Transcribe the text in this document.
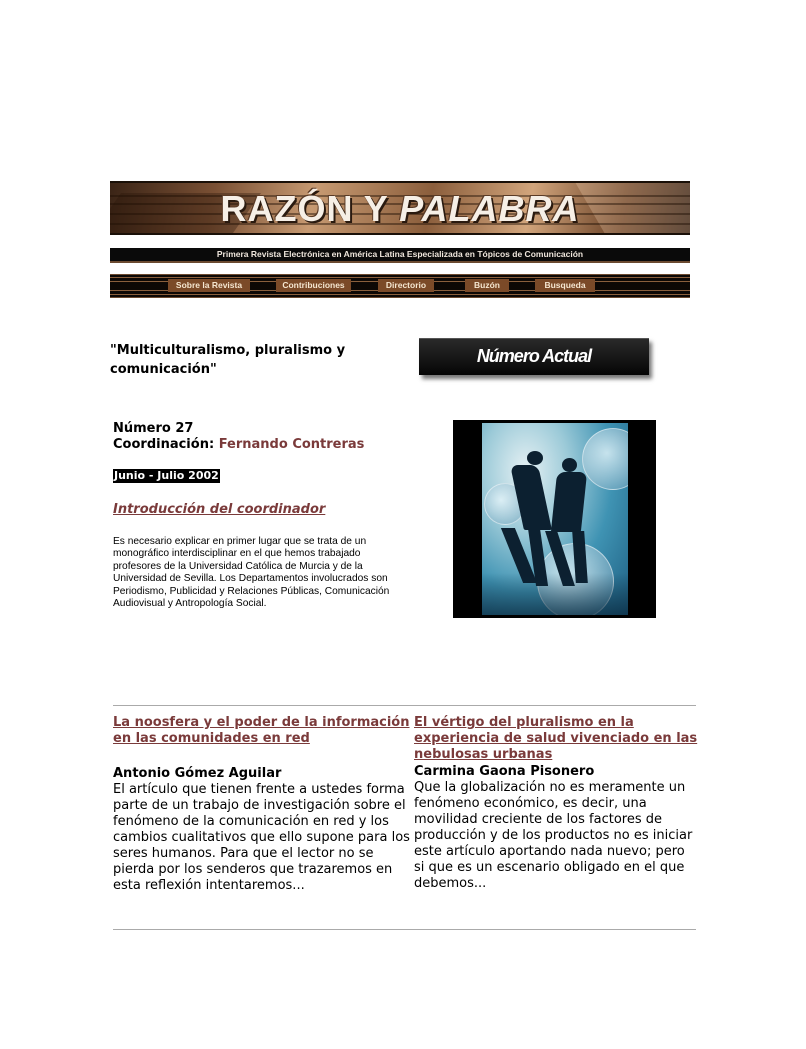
RAZÓN Y PALABRA
Primera Revista Electrónica en América Latina Especializada en Tópicos de Comunicación
Sobre la Revista	Contribuciones	Directorio	Buzón	Busqueda
"Multiculturalismo, pluralismo y comunicación"
Número Actual
Número 27
Coordinación: Fernando Contreras
Junio - Julio 2002
Introducción del coordinador
Es necesario explicar en primer lugar que se trata de un monográfico interdisciplinar en el que hemos trabajado profesores de la Universidad Católica de Murcia y de la Universidad de Sevilla. Los Departamentos involucrados son Periodismo, Publicidad y Relaciones Públicas, Comunicación Audiovisual y Antropología Social.
La noosfera y el poder de la información en las comunidades en red
Antonio Gómez Aguilar
El artículo que tienen frente a ustedes forma parte de un trabajo de investigación sobre el fenómeno de la comunicación en red y los cambios cualitativos que ello supone para los seres humanos. Para que el lector no se pierda por los senderos que trazaremos en esta reflexión intentaremos...
El vértigo del pluralismo en la experiencia de salud vivenciado en las nebulosas urbanas
Carmina Gaona Pisonero
Que la globalización no es meramente un fenómeno económico, es decir, una movilidad creciente de los factores de producción y de los productos no es iniciar este artículo aportando nada nuevo; pero si que es un escenario obligado en el que debemos...
